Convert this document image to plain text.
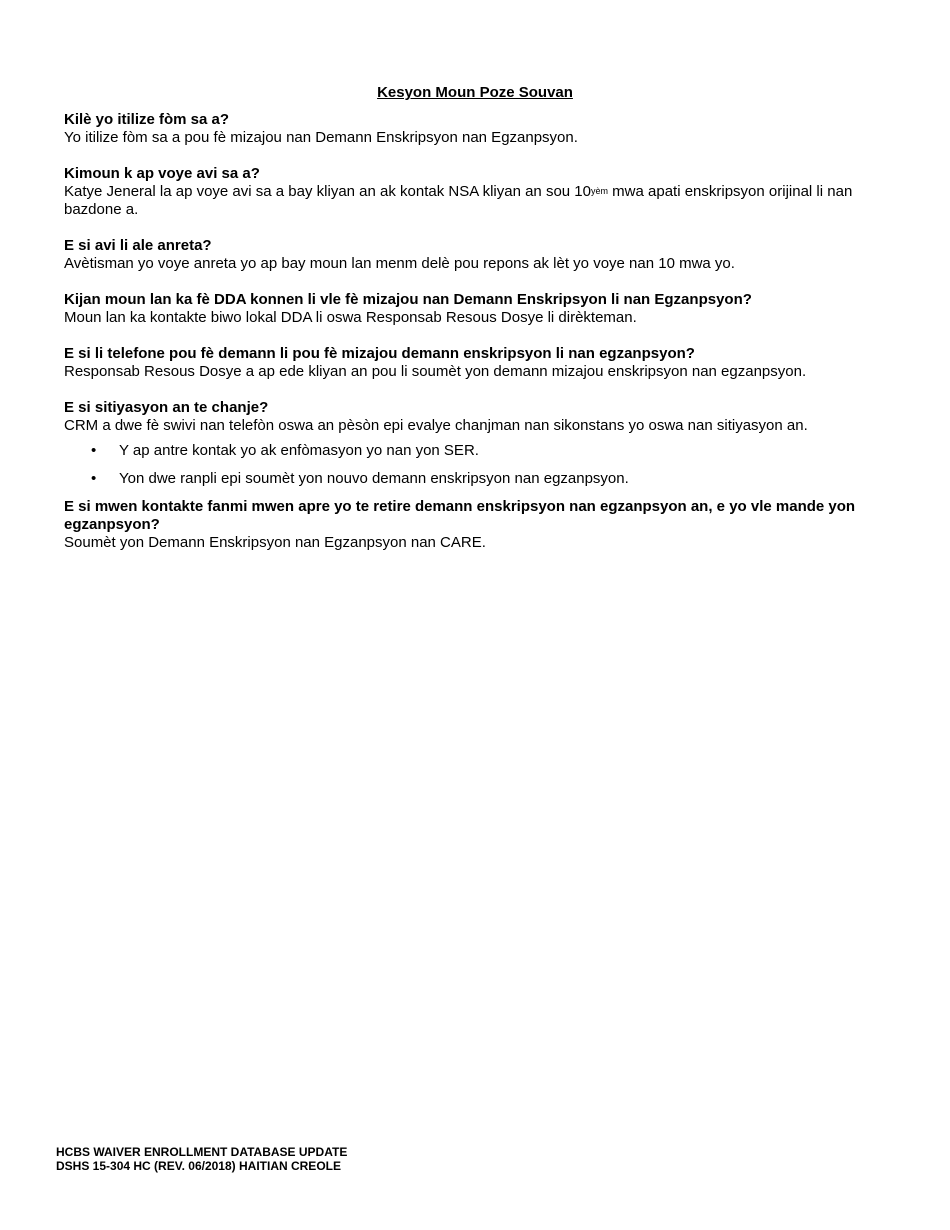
Kesyon Moun Poze Souvan
Kilè yo itilize fòm sa a?
Yo itilize fòm sa a pou fè mizajou nan Demann Enskripsyon nan Egzanpsyon.
Kimoun k ap voye avi sa a?
Katye Jeneral la ap voye avi sa a bay kliyan an ak kontak NSA kliyan an sou $10^{yèm}$ mwa apati enskripsyon orijinal li nan bazdone a.
E si avi li ale anreta?
Avètisman yo voye anreta yo ap bay moun lan menm delè pou repons ak lèt yo voye nan 10 mwa yo.
Kijan moun lan ka fè DDA konnen li vle fè mizajou nan Demann Enskripsyon li nan Egzanpsyon?
Moun lan ka kontakte biwo lokal DDA li oswa Responsab Resous Dosye li dirèkteman.
E si li telefone pou fè demann li pou fè mizajou demann enskripsyon li nan egzanpsyon?
Responsab Resous Dosye a ap ede kliyan an pou li soumèt yon demann mizajou enskripsyon nan egzanpsyon.
E si sitiyasyon an te chanje?
CRM a dwe fè swivi nan telefòn oswa an pèsòn epi evalye chanjman nan sikonstans yo oswa nan sitiyasyon an.
• Y ap antre kontak yo ak enfòmasyon yo nan yon SER.
• Yon dwe ranpli epi soumèt yon nouvo demann enskripsyon nan egzanpsyon.
E si mwen kontakte fanmi mwen apre yo te retire demann enskripsyon nan egzanpsyon an, e yo vle mande yon egzanpsyon?
Soumèt yon Demann Enskripsyon nan Egzanpsyon nan CARE.
HCBS WAIVER ENROLLMENT DATABASE UPDATE
DSHS 15-304 HC (REV. 06/2018) HAITIAN CREOLE
